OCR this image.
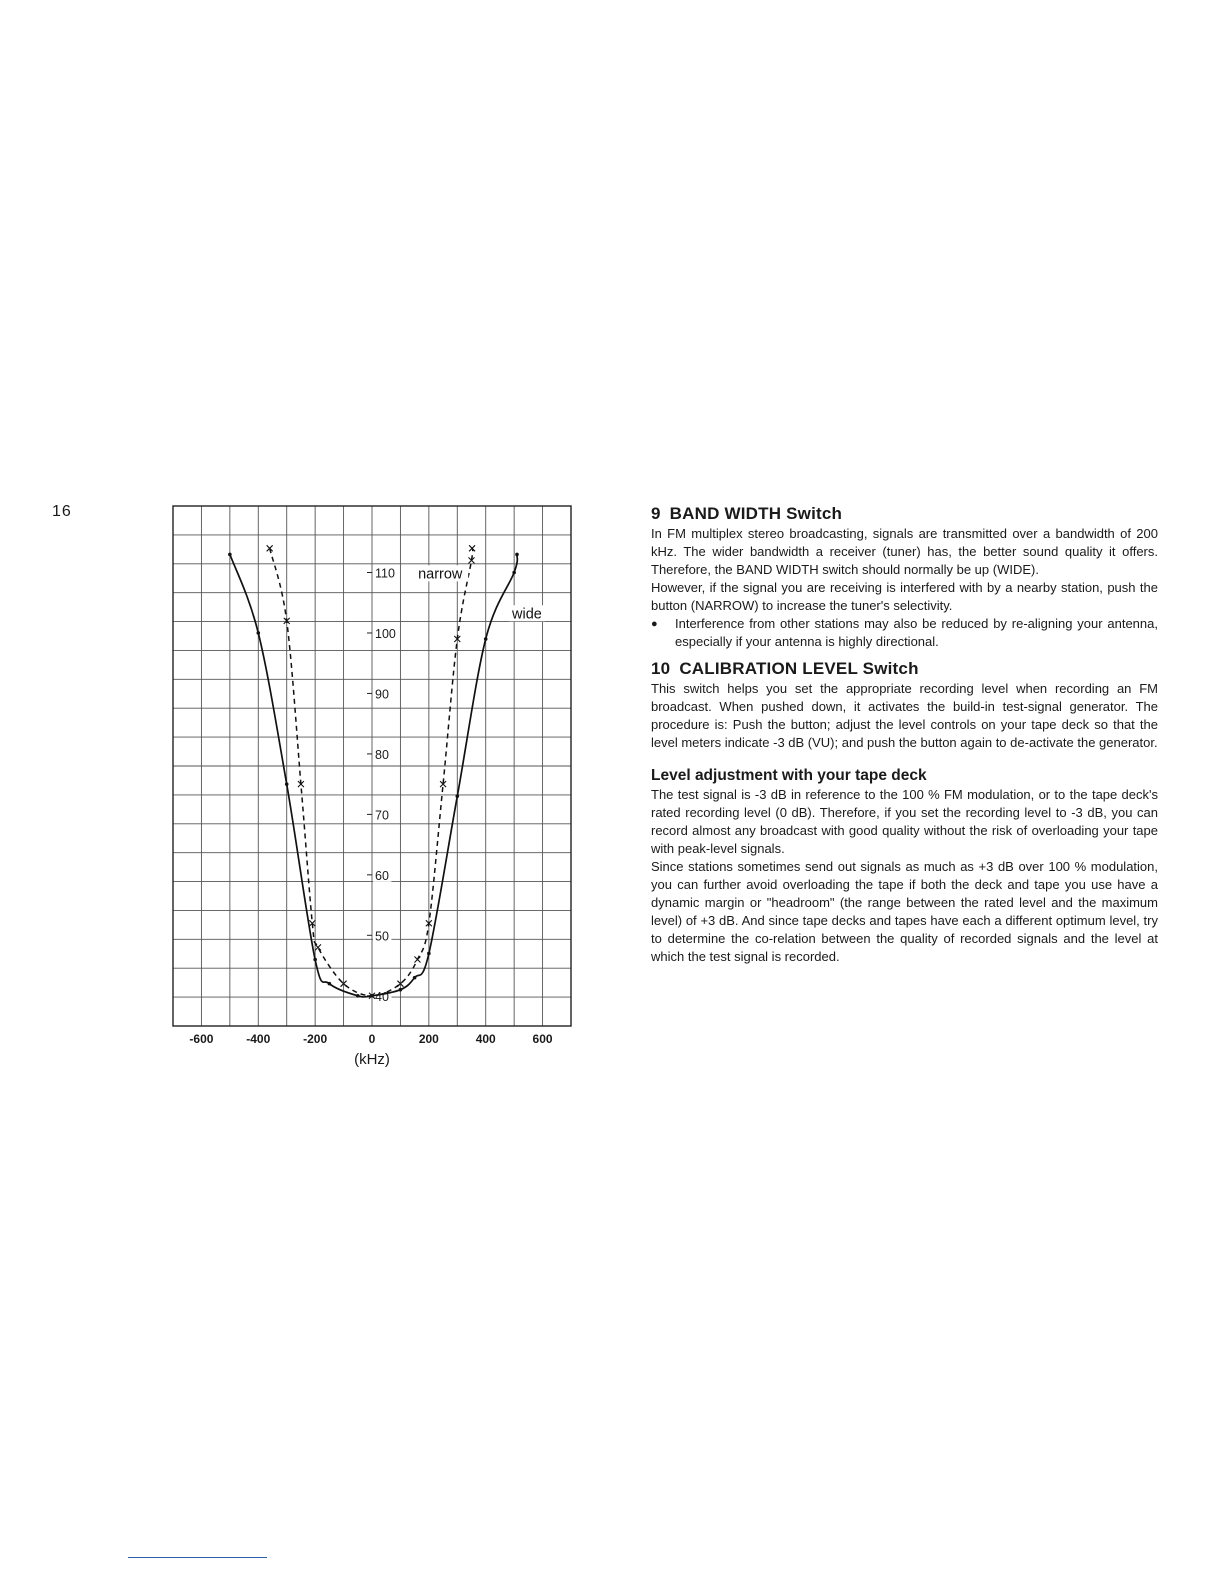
16
-600	-400	-200	0	200	400	600
(kHz)
40
50
60
70
80
90
100
110
wide
narrow
9 BAND WIDTH Switch

In FM multiplex stereo broadcasting, signals are transmitted over a bandwidth of 200 kHz. The wider bandwidth a receiver (tuner) has, the better sound quality it offers. Therefore, the BAND WIDTH switch should normally be up (WIDE).

However, if the signal you are receiving is interfered with by a nearby station, push the button (NARROW) to increase the tuner's selectivity.

●	Interference from other stations may also be reduced by re-aligning your antenna, especially if your antenna is highly directional.

10 CALIBRATION LEVEL Switch

This switch helps you set the appropriate recording level when recording an FM broadcast. When pushed down, it activates the build-in test-signal generator. The procedure is: Push the button; adjust the level controls on your tape deck so that the level meters indicate -3 dB (VU); and push the button again to de-activate the generator.

Level adjustment with your tape deck

The test signal is -3 dB in reference to the 100 % FM modulation, or to the tape deck's rated recording level (0 dB). Therefore, if you set the recording level to -3 dB, you can record almost any broadcast with good quality without the risk of overloading your tape with peak-level signals.

Since stations sometimes send out signals as much as +3 dB over 100 % modulation, you can further avoid overloading the tape if both the deck and tape you use have a dynamic margin or "headroom" (the range between the rated level and the maximum level) of +3 dB. And since tape decks and tapes have each a different optimum level, try to determine the co-relation between the quality of recorded signals and the level at which the test signal is recorded.
